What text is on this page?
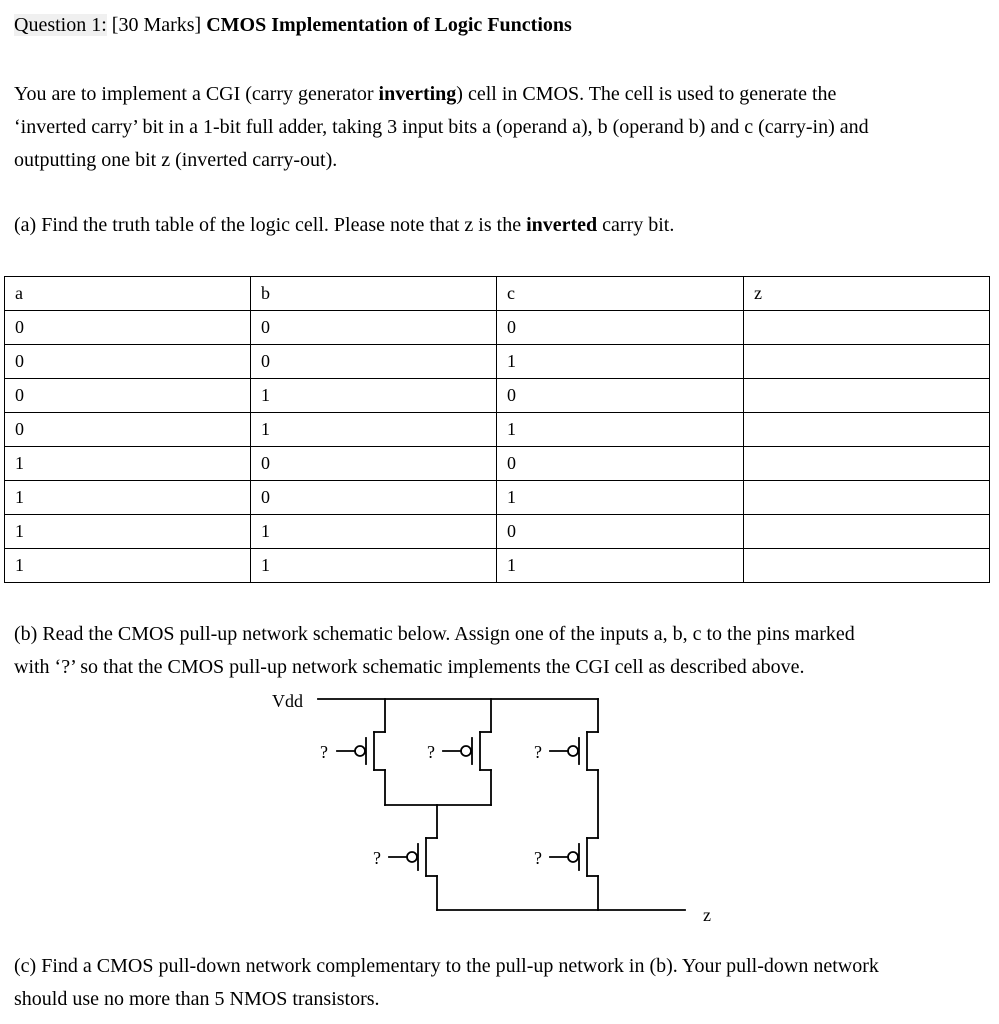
Question 1: [30 Marks] CMOS Implementation of Logic Functions
You are to implement a CGI (carry generator inverting) cell in CMOS. The cell is used to generate the
‘inverted carry’ bit in a 1-bit full adder, taking 3 input bits a (operand a), b (operand b) and c (carry-in) and
outputting one bit z (inverted carry-out).
(a) Find the truth table of the logic cell. Please note that z is the inverted carry bit.
a	b	c	z
0	0	0	
0	0	1	
0	1	0	
0	1	1	
1	0	0	
1	0	1	
1	1	0	
1	1	1	
(b) Read the CMOS pull-up network schematic below. Assign one of the inputs a, b, c to the pins marked
with ‘?’ so that the CMOS pull-up network schematic implements the CGI cell as described above.
Vdd
z
?	?	?
?	?
(c) Find a CMOS pull-down network complementary to the pull-up network in (b). Your pull-down network
should use no more than 5 NMOS transistors.
